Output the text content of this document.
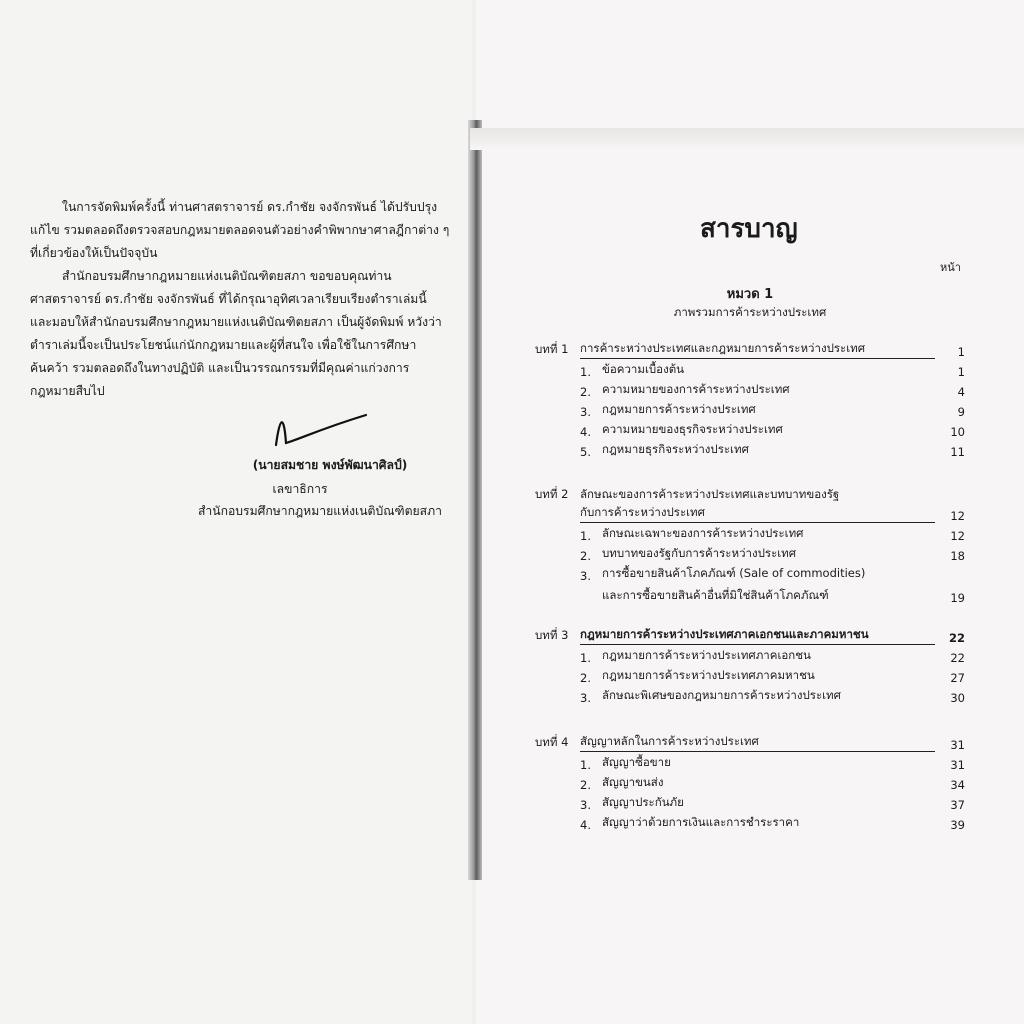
ในการจัดพิมพ์ครั้งนี้ ท่านศาสตราจารย์ ดร.กำชัย จงจักรพันธ์ ได้ปรับปรุงแก้ไข รวมตลอดถึงตรวจสอบกฎหมายตลอดจนตัวอย่างคำพิพากษาศาลฎีกาต่าง ๆ ที่เกี่ยวข้องให้เป็นปัจจุบัน

สำนักอบรมศึกษากฎหมายแห่งเนติบัณฑิตยสภา ขอขอบคุณท่านศาสตราจารย์ ดร.กำชัย จงจักรพันธ์ ที่ได้กรุณาอุทิศเวลาเรียบเรียงตำราเล่มนี้ และมอบให้สำนักอบรมศึกษากฎหมายแห่งเนติบัณฑิตยสภา เป็นผู้จัดพิมพ์ หวังว่าตำราเล่มนี้จะเป็นประโยชน์แก่นักกฎหมายและผู้ที่สนใจ เพื่อใช้ในการศึกษา ค้นคว้า รวมตลอดถึงในทางปฏิบัติ และเป็นวรรณกรรมที่มีคุณค่าแก่วงการกฎหมายสืบไป

(นายสมชาย พงษ์พัฒนาศิลป์)
เลขาธิการ
สำนักอบรมศึกษากฎหมายแห่งเนติบัณฑิตยสภา
สารบาญ
หน้า
หมวด 1
ภาพรวมการค้าระหว่างประเทศ
บทที่ 1	การค้าระหว่างประเทศและกฎหมายการค้าระหว่างประเทศ	1
1. ข้อความเบื้องต้น	1
2. ความหมายของการค้าระหว่างประเทศ	4
3. กฎหมายการค้าระหว่างประเทศ	9
4. ความหมายของธุรกิจระหว่างประเทศ	10
5. กฎหมายธุรกิจระหว่างประเทศ	11
บทที่ 2	ลักษณะของการค้าระหว่างประเทศและบทบาทของรัฐ
กับการค้าระหว่างประเทศ	12
1. ลักษณะเฉพาะของการค้าระหว่างประเทศ	12
2. บทบาทของรัฐกับการค้าระหว่างประเทศ	18
3. การซื้อขายสินค้าโภคภัณฑ์ (Sale of commodities)
และการซื้อขายสินค้าอื่นที่มิใช่สินค้าโภคภัณฑ์	19
บทที่ 3	กฎหมายการค้าระหว่างประเทศภาคเอกชนและภาคมหาชน	22
1. กฎหมายการค้าระหว่างประเทศภาคเอกชน	22
2. กฎหมายการค้าระหว่างประเทศภาคมหาชน	27
3. ลักษณะพิเศษของกฎหมายการค้าระหว่างประเทศ	30
บทที่ 4	สัญญาหลักในการค้าระหว่างประเทศ	31
1. สัญญาซื้อขาย	31
2. สัญญาขนส่ง	34
3. สัญญาประกันภัย	37
4. สัญญาว่าด้วยการเงินและการชำระราคา	39
